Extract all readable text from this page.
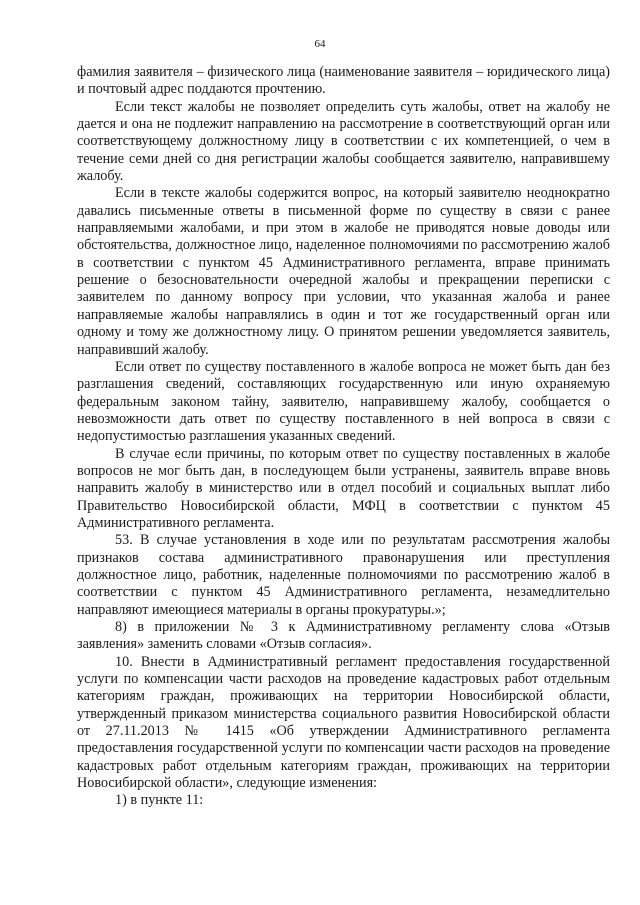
64

фамилия заявителя – физического лица (наименование заявителя – юридического лица) и почтовый адрес поддаются прочтению.

Если текст жалобы не позволяет определить суть жалобы, ответ на жалобу не дается и она не подлежит направлению на рассмотрение в соответствующий орган или соответствующему должностному лицу в соответствии с их компетенцией, о чем в течение семи дней со дня регистрации жалобы сообщается заявителю, направившему жалобу.

Если в тексте жалобы содержится вопрос, на который заявителю неоднократно давались письменные ответы в письменной форме по существу в связи с ранее направляемыми жалобами, и при этом в жалобе не приводятся новые доводы или обстоятельства, должностное лицо, наделенное полномочиями по рассмотрению жалоб в соответствии с пунктом 45 Административного регламента, вправе принимать решение о безосновательности очередной жалобы и прекращении переписки с заявителем по данному вопросу при условии, что указанная жалоба и ранее направляемые жалобы направлялись в один и тот же государственный орган или одному и тому же должностному лицу. О принятом решении уведомляется заявитель, направивший жалобу.

Если ответ по существу поставленного в жалобе вопроса не может быть дан без разглашения сведений, составляющих государственную или иную охраняемую федеральным законом тайну, заявителю, направившему жалобу, сообщается о невозможности дать ответ по существу поставленного в ней вопроса в связи с недопустимостью разглашения указанных сведений.

В случае если причины, по которым ответ по существу поставленных в жалобе вопросов не мог быть дан, в последующем были устранены, заявитель вправе вновь направить жалобу в министерство или в отдел пособий и социальных выплат либо Правительство Новосибирской области, МФЦ в соответствии с пунктом 45 Административного регламента.

53. В случае установления в ходе или по результатам рассмотрения жалобы признаков состава административного правонарушения или преступления должностное лицо, работник, наделенные полномочиями по рассмотрению жалоб в соответствии с пунктом 45 Административного регламента, незамедлительно направляют имеющиеся материалы в органы прокуратуры.»;

8) в приложении № 3 к Административному регламенту слова «Отзыв заявления» заменить словами «Отзыв согласия».

10. Внести в Административный регламент предоставления государственной услуги по компенсации части расходов на проведение кадастровых работ отдельным категориям граждан, проживающих на территории Новосибирской области, утвержденный приказом министерства социального развития Новосибирской области от 27.11.2013 № 1415 «Об утверждении Административного регламента предоставления государственной услуги по компенсации части расходов на проведение кадастровых работ отдельным категориям граждан, проживающих на территории Новосибирской области», следующие изменения:

1) в пункте 11:
